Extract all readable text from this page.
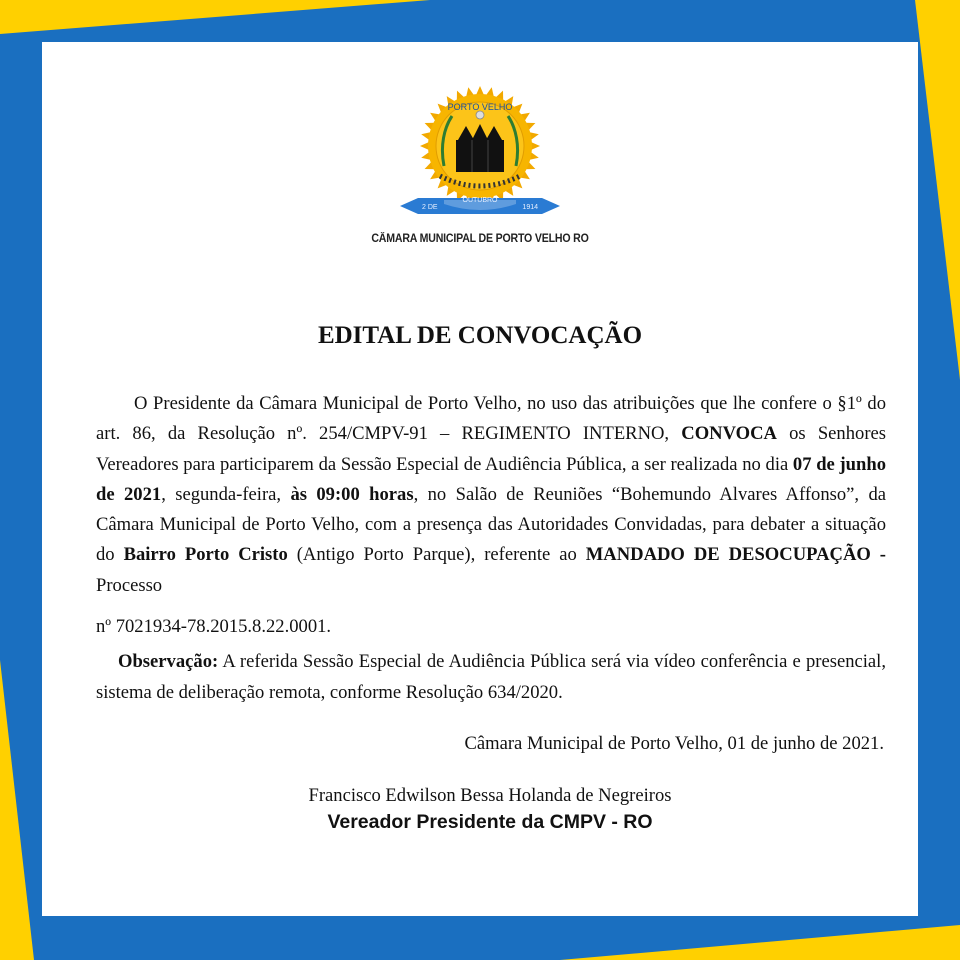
PORTO VELHO
2 DE
OUTUBRO
1914
CÂMARA MUNICIPAL DE PORTO VELHO RO
EDITAL DE CONVOCAÇÃO
O Presidente da Câmara Municipal de Porto Velho, no uso das atribuições que lhe confere o §1º do art. 86, da Resolução nº. 254/CMPV-91 – REGIMENTO INTERNO, CONVOCA os Senhores Vereadores para participarem da Sessão Especial de Audiência Pública, a ser realizada no dia 07 de junho de 2021, segunda-feira, às 09:00 horas, no Salão de Reuniões “Bohemundo Alvares Affonso”, da Câmara Municipal de Porto Velho, com a presença das Autoridades Convidadas, para debater a situação do Bairro Porto Cristo (Antigo Porto Parque), referente ao MANDADO DE DESOCUPAÇÃO - Processo
nº 7021934-78.2015.8.22.0001.
Observação: A referida Sessão Especial de Audiência Pública será via vídeo conferência e presencial, sistema de deliberação remota, conforme Resolução 634/2020.
Câmara Municipal de Porto Velho, 01 de junho de 2021.
Francisco Edwilson Bessa Holanda de Negreiros
Vereador Presidente da CMPV - RO
